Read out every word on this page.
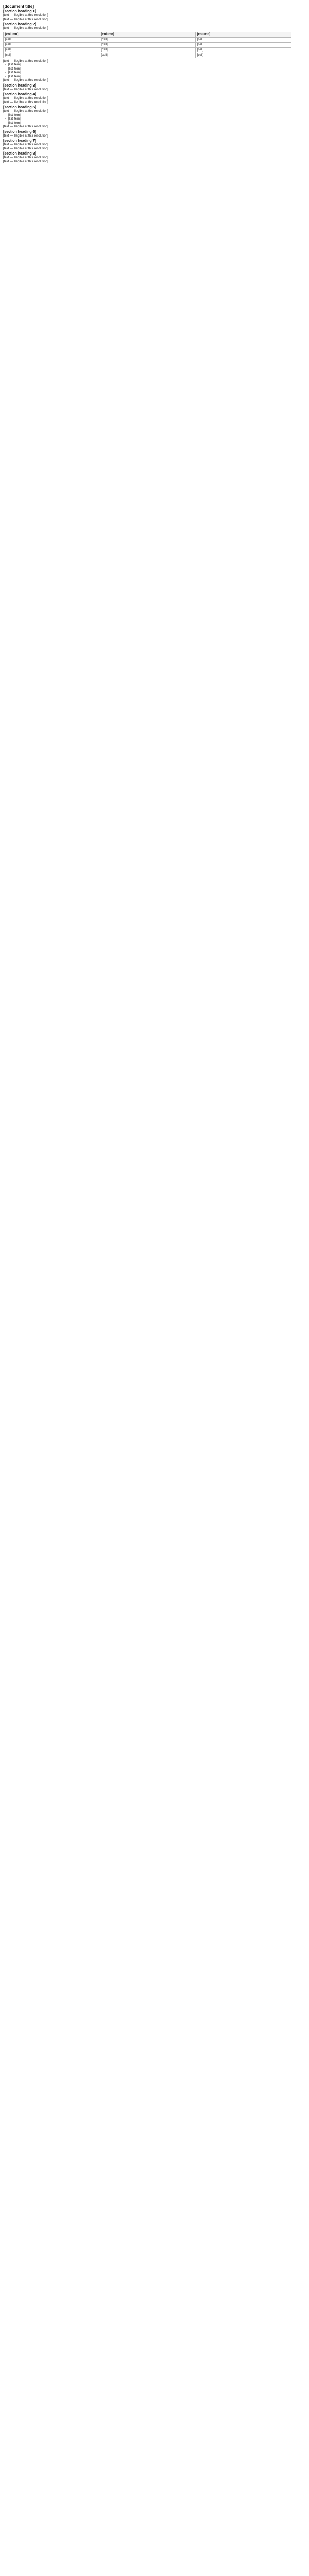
[document title]
[section heading 1]

[text — illegible at this resolution]

[text — illegible at this resolution]

[section heading 2]

[text — illegible at this resolution]

[column]	[column]	[column]
[cell]	[cell]	[cell]
[cell]	[cell]	[cell]
[cell]	[cell]	[cell]
[cell]	[cell]	[cell]

[text — illegible at this resolution]

- [list item]
- [list item]
- [list item]
- [list item]

[text — illegible at this resolution]

[section heading 3]

[text — illegible at this resolution]

[section heading 4]

[text — illegible at this resolution]

[text — illegible at this resolution]

[section heading 5]

[text — illegible at this resolution]

- [list item]
- [list item]
- [list item]

[text — illegible at this resolution]

[section heading 6]

[text — illegible at this resolution]

[section heading 7]

[text — illegible at this resolution]

[text — illegible at this resolution]

[section heading 8]

[text — illegible at this resolution]

[text — illegible at this resolution]
